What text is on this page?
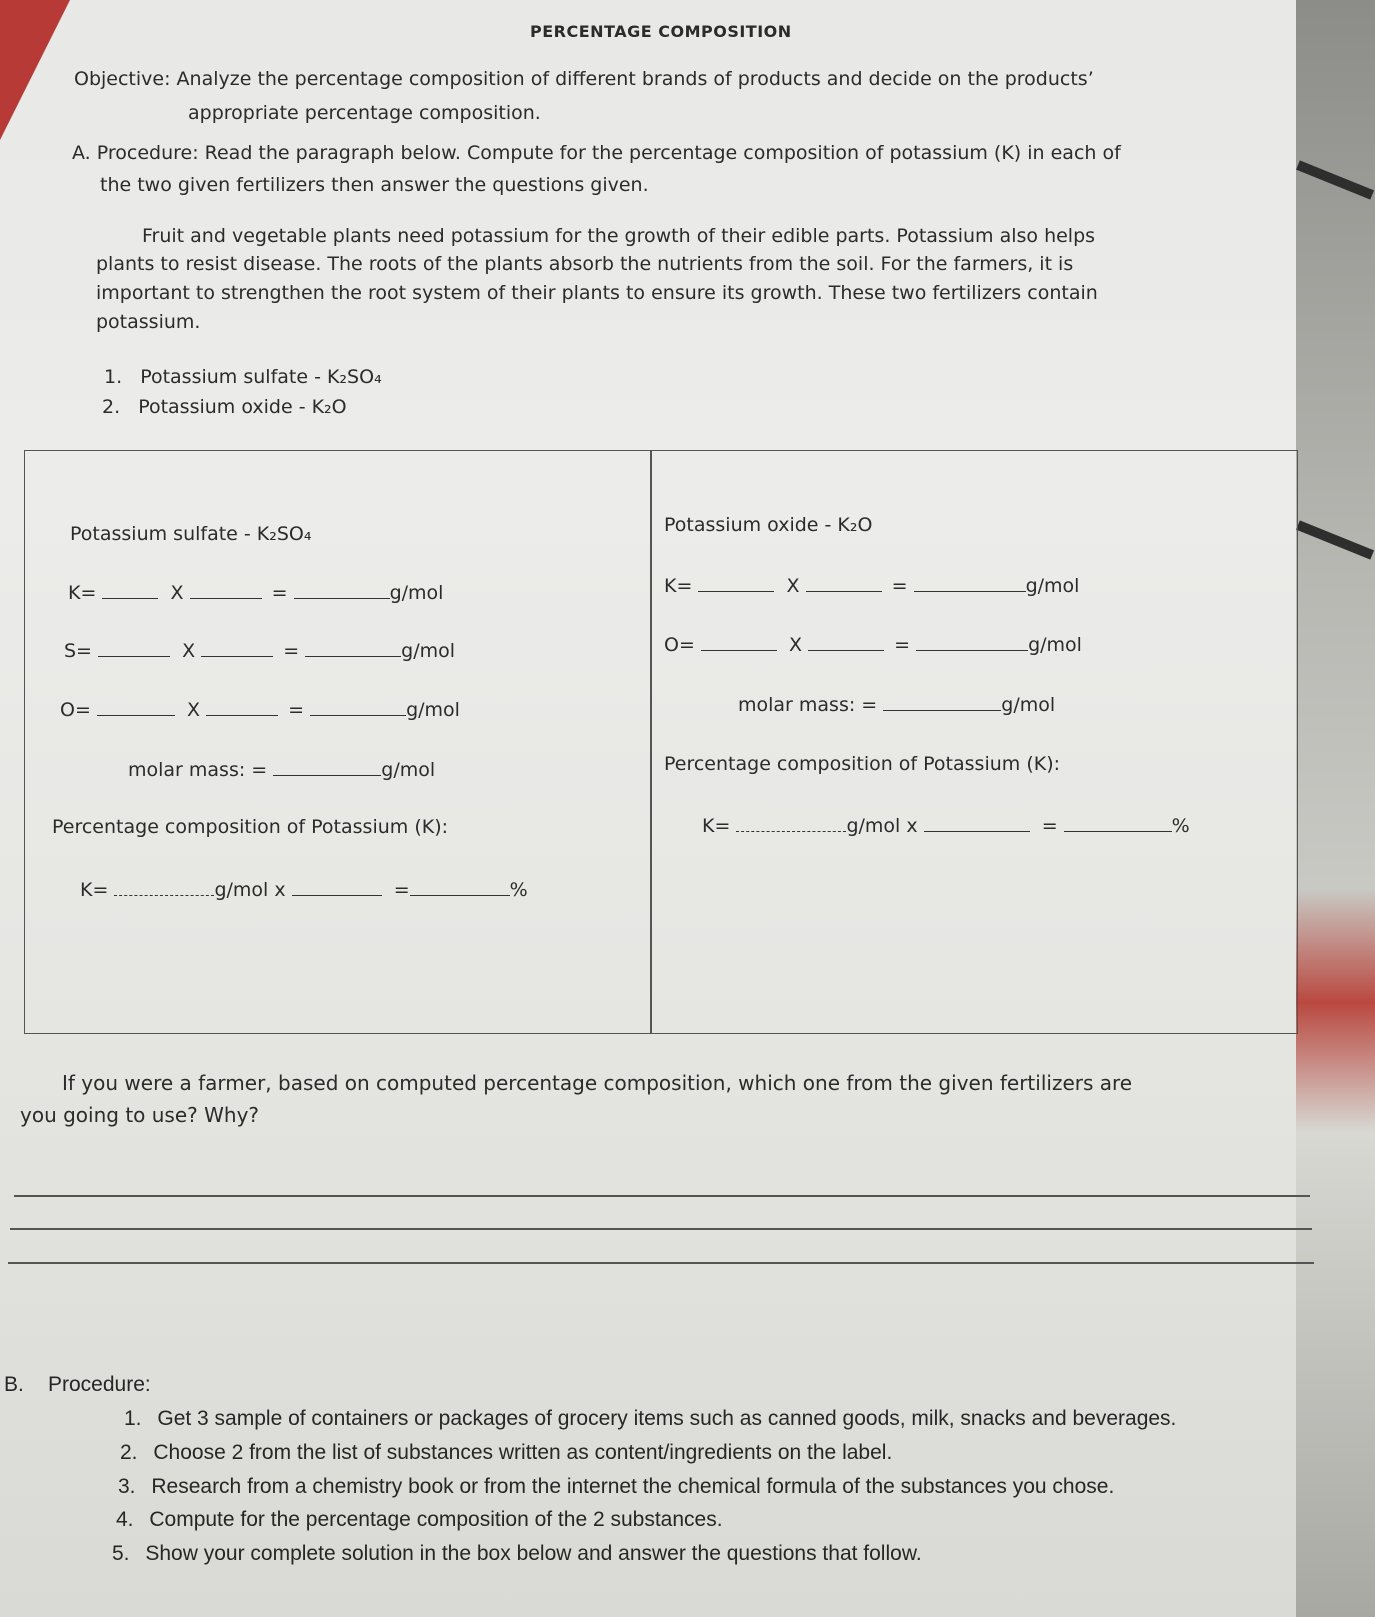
PERCENTAGE COMPOSITION
Objective: Analyze the percentage composition of different brands of products and decide on the products’
appropriate percentage composition.
A. Procedure: Read the paragraph below. Compute for the percentage composition of potassium (K) in each of
the two given fertilizers then answer the questions given.
Fruit and vegetable plants need potassium for the growth of their edible parts. Potassium also helps
plants to resist disease. The roots of the plants absorb the nutrients from the soil. For the farmers, it is
important to strengthen the root system of their plants to ensure its growth. These two fertilizers contain
potassium.
1. Potassium sulfate - K₂SO₄
2. Potassium oxide - K₂O
Potassium sulfate - K₂SO₄
K=	X	=	g/mol
S=	X	=	g/mol
O=	X	=	g/mol
molar mass: =	g/mol
Percentage composition of Potassium (K):
K=	g/mol x	=	%
Potassium oxide - K₂O
K=	X	=	g/mol
O=	X	=	g/mol
molar mass: =	g/mol
Percentage composition of Potassium (K):
K=	g/mol x	=	%
If you were a farmer, based on computed percentage composition, which one from the given fertilizers are
you going to use? Why?
B. Procedure:
1. Get 3 sample of containers or packages of grocery items such as canned goods, milk, snacks and beverages.
2. Choose 2 from the list of substances written as content/ingredients on the label.
3. Research from a chemistry book or from the internet the chemical formula of the substances you chose.
4. Compute for the percentage composition of the 2 substances.
5. Show your complete solution in the box below and answer the questions that follow.
